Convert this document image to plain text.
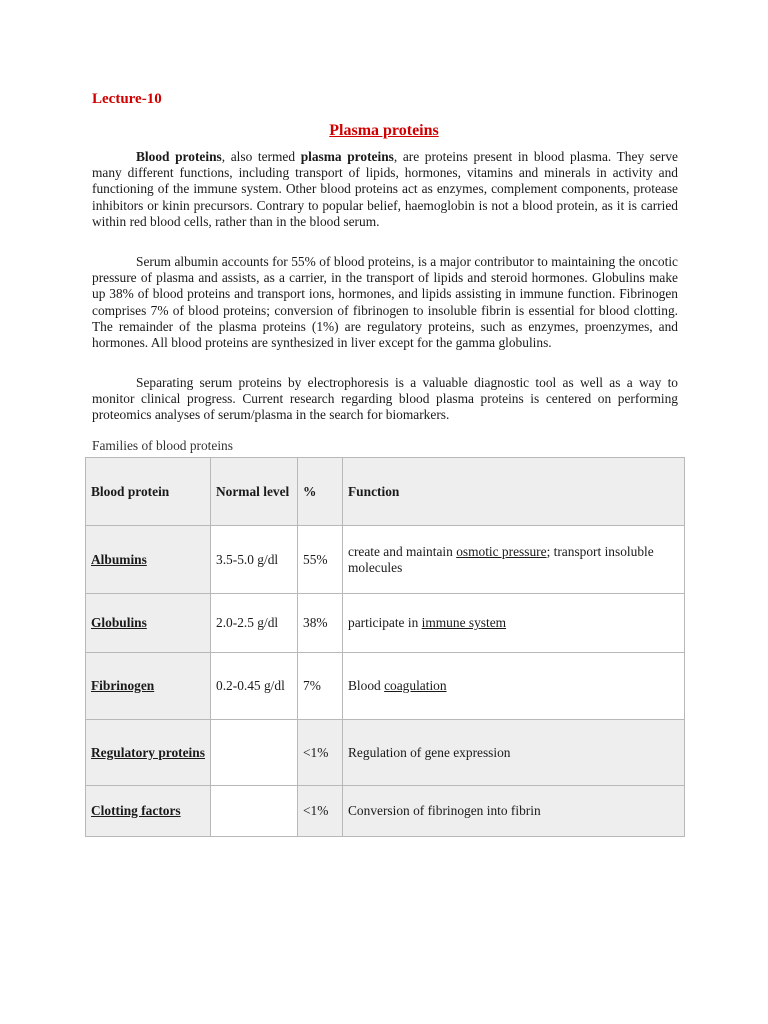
Lecture-10
Plasma proteins

Blood proteins, also termed plasma proteins, are proteins present in blood plasma. They serve many different functions, including transport of lipids, hormones, vitamins and minerals in activity and functioning of the immune system. Other blood proteins act as enzymes, complement components, protease inhibitors or kinin precursors. Contrary to popular belief, haemoglobin is not a blood protein, as it is carried within red blood cells, rather than in the blood serum.

Serum albumin accounts for 55% of blood proteins, is a major contributor to maintaining the oncotic pressure of plasma and assists, as a carrier, in the transport of lipids and steroid hormones. Globulins make up 38% of blood proteins and transport ions, hormones, and lipids assisting in immune function. Fibrinogen comprises 7% of blood proteins; conversion of fibrinogen to insoluble fibrin is essential for blood clotting. The remainder of the plasma proteins (1%) are regulatory proteins, such as enzymes, proenzymes, and hormones. All blood proteins are synthesized in liver except for the gamma globulins.

Separating serum proteins by electrophoresis is a valuable diagnostic tool as well as a way to monitor clinical progress. Current research regarding blood plasma proteins is centered on performing proteomics analyses of serum/plasma in the search for biomarkers.

Families of blood proteins
Blood protein	Normal level	%	Function
Albumins	3.5-5.0 g/dl	55%	create and maintain osmotic pressure; transport insoluble molecules
Globulins	2.0-2.5 g/dl	38%	participate in immune system
Fibrinogen	0.2-0.45 g/dl	7%	Blood coagulation
Regulatory proteins		<1%	Regulation of gene expression
Clotting factors		<1%	Conversion of fibrinogen into fibrin
